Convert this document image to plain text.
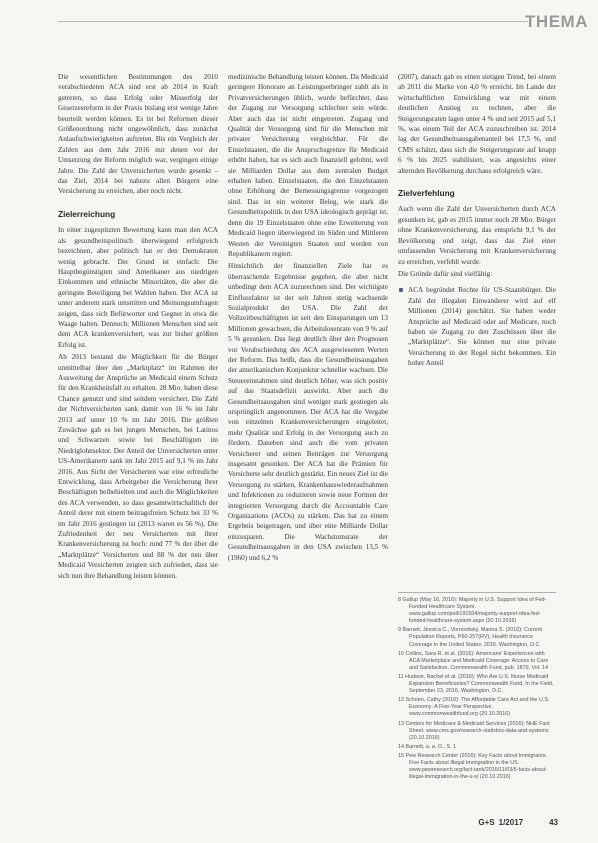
THEMA

Die wesentlichen Bestimmungen des 2010 verabschiedeten ACA sind erst ab 2014 in Kraft getreten, so dass Erfolg oder Misserfolg der Gesetzesreform in der Praxis bislang erst wenige Jahre beurteilt werden können. Es ist bei Reformen dieser Größenordnung nicht ungewöhnlich, dass zunächst Anlaufschwierigkeiten auftreten. Bis ein Vergleich der Zahlen aus dem Jahr 2016 mit denen vor der Umsetzung der Reform möglich war, vergingen einige Jahre. Die Zahl der Unversicherten wurde gesenkt – das Ziel, 2014 bei nahezu allen Bürgern eine Versicherung zu erreichen, aber noch nicht.

Zielerreichung

In einer zugespitzten Bewertung kann man den ACA als gesundheitspolitisch überwiegend erfolgreich bezeichnen, aber politisch hat er den Demokraten wenig gebracht. Der Grund ist einfach: Die Hauptbegünstigten sind Amerikaner aus niedrigen Einkommen und ethnische Minoritäten, die aber die geringste Beteiligung bei Wahlen haben. Der ACA ist unter anderem stark umstritten und Meinungsumfragen zeigen, dass sich Befürworter und Gegner in etwa die Waage halten. Dennoch: Millionen Menschen sind seit dem ACA krankenversichert, was zur bisher größten Erfolg ist.

Ab 2013 bestand die Möglichkeit für die Bürger unmittelbar über den „Marktplatz“ im Rahmen der Ausweitung der Ansprüche an Medicaid einem Schutz für den Krankheitsfall zu erhalten. 28 Mio. haben diese Chance genutzt und sind seitdem versichert. Die Zahl der Nichtversicherten sank damit von 16 % im Jahr 2013 auf unter 10 % im Jahr 2016. Die größten Zuwächse gab es bei jungen Menschen, bei Latinos und Schwarzen sowie bei Beschäftigten im Niedriglohnsektor. Der Anteil der Unversicherten unter US-Amerikanern sank im Jahr 2015 auf 9,1 % im Jahr 2016. Aus Sicht der Versicherten war eine erfreuliche Entwicklung, dass Arbeitgeber die Versicherung ihrer Beschäftigten beibehielten und auch die Möglichkeiten des ACA verwenden, so dass gesamtwirtschaftlich der Anteil derer mit einem beitragsfreien Schutz bei 33 % im Jahr 2016 gestiegen ist (2013 waren es 56 %). Die Zufriedenheit der neu Versicherten mit ihrer Krankenversicherung ist hoch: rund 77 % der über die „Marktplätze“ Versicherten und 88 % der neu über Medicaid Versicherten zeigten sich zufrieden, dass sie sich nun ihre Behandlung leisten können.

medizinische Behandlung leisten können. Da Medicaid geringere Honorare an Leistungserbringer zahlt als in Privatversicherungen üblich, wurde befürchtet, dass der Zugang zur Versorgung schlechter sein würde. Aber auch das ist nicht eingetreten. Zugang und Qualität der Versorgung sind für die Menschen mit privater Versicherung vergleichbar. Für die Einzelstaaten, die die Anspruchsgrenze für Medicaid erhöht haben, hat es sich auch finanziell gelohnt, weil sie Milliarden Dollar aus dem zentralen Budget erhalten haben. Einzelstaaten, die den Einzelstaaten ohne Erhöhung der Bemessungsgrenze vorgezogen sind. Das ist ein weiterer Beleg, wie stark die Gesundheitspolitik in den USA ideologisch geprägt ist, denn die 19 Einzelstaaten ohne eine Erweiterung von Medicaid liegen überwiegend im Süden und Mittleren Westen der Vereinigten Staaten und werden von Republikanern regiert.

Hinsichtlich der finanziellen Ziele hat es überraschende Ergebnisse gegeben, die aber nicht unbedingt dem ACA zuzurechnen sind. Der wichtigste Einflussfaktor ist der seit Jahren stetig wachsende Sozialprodukt der USA. Die Zahl der Vollzeitbeschäftigten ist seit den Einsparungen um 13 Millionen gewachsen, die Arbeitslosenrate von 9 % auf 5 % gesunken. Das liegt deutlich über den Prognosen vor Verabschiedung des ACA ausgewiesenen Werten der Reform. Das heißt, dass die Gesundheitsausgaben der amerikanischen Konjunktur schneller wachsen. Die Steuereinnahmen sind deutlich höher, was sich positiv auf das Staatsdefizit auswirkt. Aber auch die Gesundheitsausgaben sind weniger stark gestiegen als ursprünglich angenommen. Der ACA hat die Vergabe von einzelnen Krankenversicherungen eingeleitet, mehr Qualität und Erfolg in der Versorgung auch zu fördern. Daneben sind auch die vom privaten Versicherer und seinen Beiträgen zur Versorgung insgesamt gesunken. Der ACA hat die Prämien für Versicherte sehr deutlich gestärkt. Ein neues Ziel ist die Versorgung zu stärken, Krankenhauswiederaufnahmen und Infektionen zu reduzieren sowie neue Formen der integrierten Versorgung durch die Accountable Care Organizations (ACOs) zu stärken. Das hat zu einem Ergebnis beigetragen, und über eine Milliarde Dollar einzusparen. Die Wachstumsrate der Gesundheitsausgaben in den USA zwischen 13,5 % (1960) und 6,2 %

(2007), danach gab es einen stetigen Trend, bei einem ab 2011 die Marke von 4,0 % erreicht. Im Lande der wirtschaftlichen Entwicklung war mit einem deutlichen Anstieg zu rechnen, aber die Steigerungsraten lagen unter 4 % und seit 2015 auf 5,1 %, was einem Teil der ACA zuzuschreiben ist. 2014 lag der Gesundheitsausgabenanteil bei 17,5 %, und CMS schätzt, dass sich die Steigerungsrate auf knapp 6 % bis 2025 stabilisiert, was angesichts einer alternden Bevölkerung durchaus erfolgreich wäre.

Zielverfehlung

Auch wenn die Zahl der Unversicherten durch ACA gesunken ist, gab es 2015 immer noch 28 Mio. Bürger ohne Krankenversicherung, das entspricht 9,1 % der Bevölkerung und zeigt, dass das Ziel einer umfassenden Versicherung mit Krankenversicherung zu erreichen, verfehlt wurde.

Die Gründe dafür sind vielfältig:

ACA begründet Rechte für US-Staatsbürger. Die Zahl der illegalen Einwanderer wird auf elf Millionen (2014) geschätzt. Sie haben weder Ansprüche auf Medicaid oder auf Medicare, noch haben sie Zugang zu den Zuschüssen über die „Marktplätze“. Sie können nur eine private Versicherung in der Regel nicht bekommen. Ein hoher Anteil
8 Gallup (May 16, 2016): Majority in U.S. Support Idea of Fed-Funded Healthcare System. www.gallup.com/poll/191504/majority-support-idea-fed-funded-healthcare-system.aspx (20.10.2016)
9 Barnett, Jessica C., Vornovitsky, Marina S. (2016): Current Population Reports, P60-257(RV), Health Insurance Coverage in the United States: 2015. Washington, D.C.
10 Collins, Sara R. et al. (2016): Americans' Experiences with ACA Marketplace and Medicaid Coverage: Access to Care and Satisfaction. Commonwealth Fund, pub. 1879, Vol. 14
11 Hudson, Rachel et al. (2016): Who Are U.S. Nurse Medicaid Expansion Beneficiaries? Commonwealth Fund, In the Field, September 23, 2016, Washington, D.C.
12 Schoen, Cathy (2016): The Affordable Care Act and the U.S. Economy: A Five-Year Perspective. www.commonwealthfund.org (20.10.2016)
13 Centers for Medicare & Medicaid Services (2016): NHE Fact Sheet. www.cms.gov/research-statistics-data-and-systems (20.10.2016)
14 Barnett, a. a. O., S. 1
15 Pew Research Center (2016): Key Facts about Immigrants. Five Facts about Illegal Immigration in the US. www.pewresearch.org/fact-tank/2016/11/03/5-facts-about-illegal-immigration-in-the-u-s/ (20.10.2016)
G+S 1/2017	43
